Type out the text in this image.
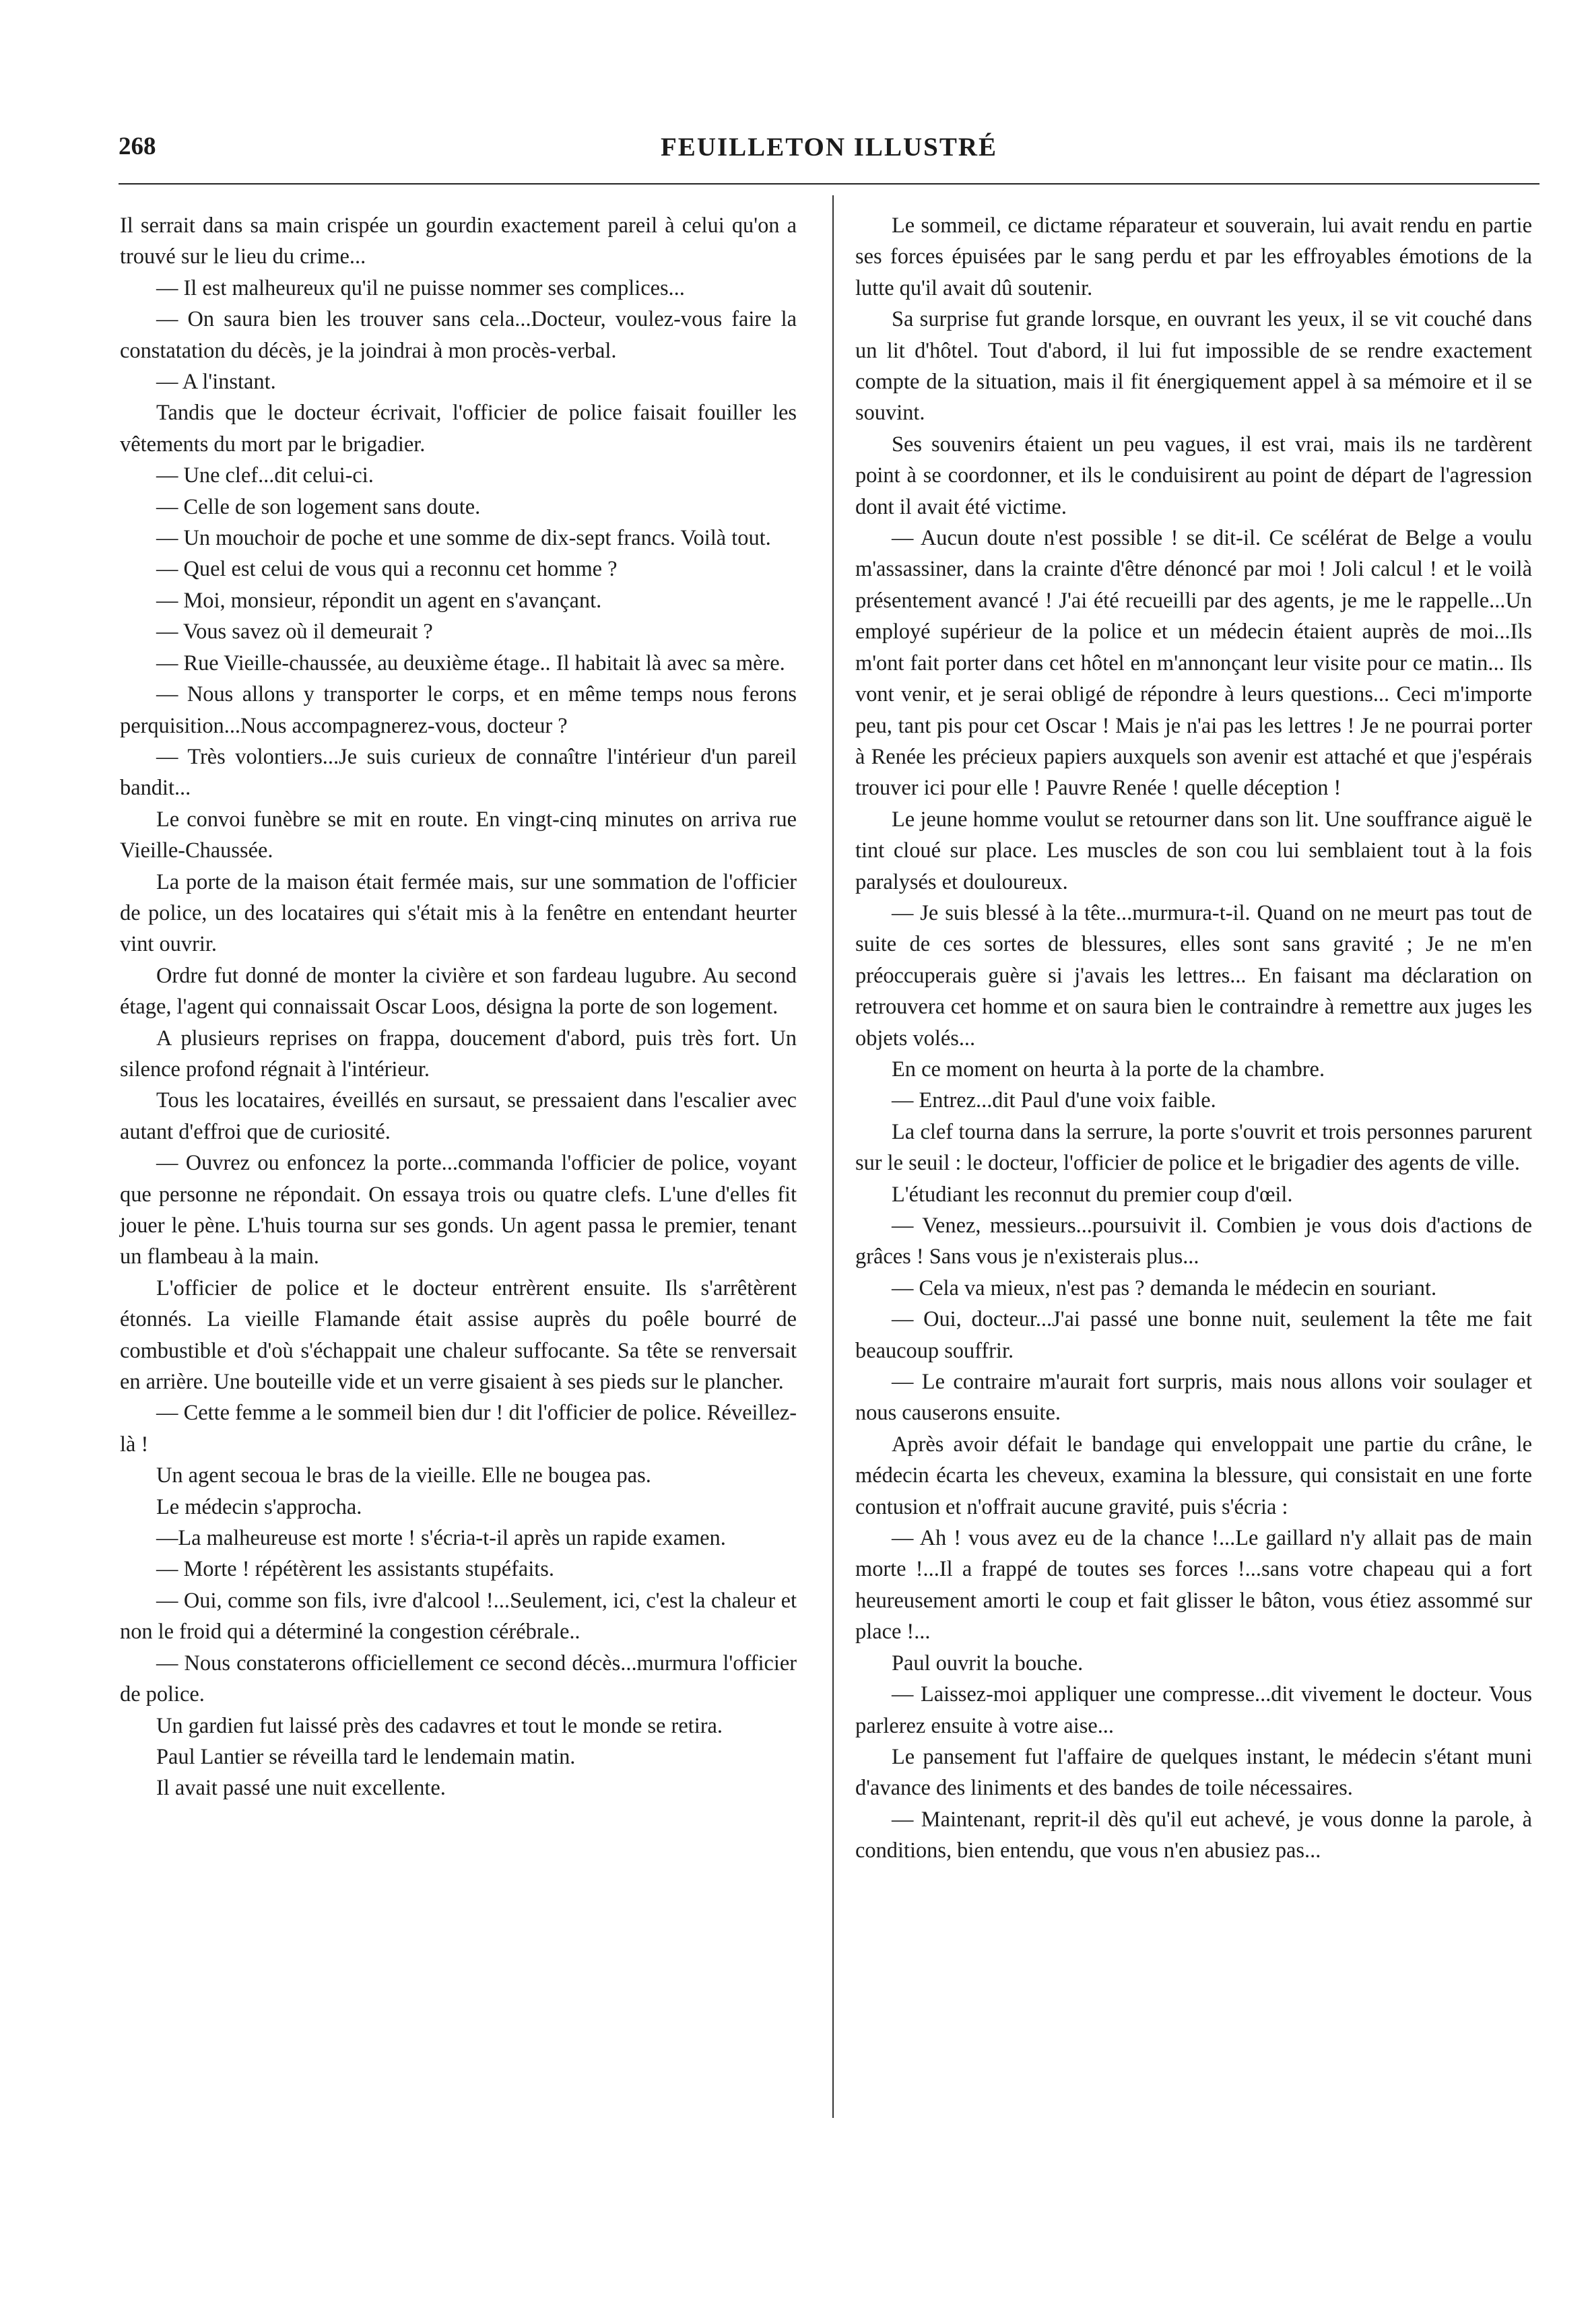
268	FEUILLETON ILLUSTRÉ

Il serrait dans sa main crispée un gourdin exactement pareil à celui qu'on a trouvé sur le lieu du crime...

— Il est malheureux qu'il ne puisse nommer ses complices...

— On saura bien les trouver sans cela...Docteur, voulez-vous faire la constatation du décès, je la joindrai à mon procès-verbal.

— A l'instant.

Tandis que le docteur écrivait, l'officier de police faisait fouiller les vêtements du mort par le brigadier.

— Une clef...dit celui-ci.

— Celle de son logement sans doute.

— Un mouchoir de poche et une somme de dix-sept francs. Voilà tout.

— Quel est celui de vous qui a reconnu cet homme ?

— Moi, monsieur, répondit un agent en s'avançant.

— Vous savez où il demeurait ?

— Rue Vieille-chaussée, au deuxième étage.. Il habitait là avec sa mère.

— Nous allons y transporter le corps, et en même temps nous ferons perquisition...Nous accompagnerez-vous, docteur ?

— Très volontiers...Je suis curieux de connaître l'intérieur d'un pareil bandit...

Le convoi funèbre se mit en route. En vingt-cinq minutes on arriva rue Vieille-Chaussée.

La porte de la maison était fermée mais, sur une sommation de l'officier de police, un des locataires qui s'était mis à la fenêtre en entendant heurter vint ouvrir.

Ordre fut donné de monter la civière et son fardeau lugubre. Au second étage, l'agent qui connaissait Oscar Loos, désigna la porte de son logement.

A plusieurs reprises on frappa, doucement d'abord, puis très fort. Un silence profond régnait à l'intérieur.

Tous les locataires, éveillés en sursaut, se pressaient dans l'escalier avec autant d'effroi que de curiosité.

— Ouvrez ou enfoncez la porte...commanda l'officier de police, voyant que personne ne répondait. On essaya trois ou quatre clefs. L'une d'elles fit jouer le pène. L'huis tourna sur ses gonds. Un agent passa le premier, tenant un flambeau à la main.

L'officier de police et le docteur entrèrent ensuite. Ils s'arrêtèrent étonnés. La vieille Flamande était assise auprès du poêle bourré de combustible et d'où s'échappait une chaleur suffocante. Sa tête se renversait en arrière. Une bouteille vide et un verre gisaient à ses pieds sur le plancher.

— Cette femme a le sommeil bien dur ! dit l'officier de police. Réveillez-là !

Un agent secoua le bras de la vieille. Elle ne bougea pas.

Le médecin s'approcha.

—La malheureuse est morte ! s'écria-t-il après un rapide examen.

— Morte ! répétèrent les assistants stupéfaits.

— Oui, comme son fils, ivre d'alcool !...Seulement, ici, c'est la chaleur et non le froid qui a déterminé la congestion cérébrale..

— Nous constaterons officiellement ce second décès...murmura l'officier de police.

Un gardien fut laissé près des cadavres et tout le monde se retira.

Paul Lantier se réveilla tard le lendemain matin.

Il avait passé une nuit excellente.

Le sommeil, ce dictame réparateur et souverain, lui avait rendu en partie ses forces épuisées par le sang perdu et par les effroyables émotions de la lutte qu'il avait dû soutenir.

Sa surprise fut grande lorsque, en ouvrant les yeux, il se vit couché dans un lit d'hôtel. Tout d'abord, il lui fut impossible de se rendre exactement compte de la situation, mais il fit énergiquement appel à sa mémoire et il se souvint.

Ses souvenirs étaient un peu vagues, il est vrai, mais ils ne tardèrent point à se coordonner, et ils le conduisirent au point de départ de l'agression dont il avait été victime.

— Aucun doute n'est possible ! se dit-il. Ce scélérat de Belge a voulu m'assassiner, dans la crainte d'être dénoncé par moi ! Joli calcul ! et le voilà présentement avancé ! J'ai été recueilli par des agents, je me le rappelle...Un employé supérieur de la police et un médecin étaient auprès de moi...Ils m'ont fait porter dans cet hôtel en m'annonçant leur visite pour ce matin... Ils vont venir, et je serai obligé de répondre à leurs questions... Ceci m'importe peu, tant pis pour cet Oscar ! Mais je n'ai pas les lettres ! Je ne pourrai porter à Renée les précieux papiers auxquels son avenir est attaché et que j'espérais trouver ici pour elle ! Pauvre Renée ! quelle déception !

Le jeune homme voulut se retourner dans son lit. Une souffrance aiguë le tint cloué sur place. Les muscles de son cou lui semblaient tout à la fois paralysés et douloureux.

— Je suis blessé à la tête...murmura-t-il. Quand on ne meurt pas tout de suite de ces sortes de blessures, elles sont sans gravité ; Je ne m'en préoccuperais guère si j'avais les lettres... En faisant ma déclaration on retrouvera cet homme et on saura bien le contraindre à remettre aux juges les objets volés...

En ce moment on heurta à la porte de la chambre.

— Entrez...dit Paul d'une voix faible.

La clef tourna dans la serrure, la porte s'ouvrit et trois personnes parurent sur le seuil : le docteur, l'officier de police et le brigadier des agents de ville.

L'étudiant les reconnut du premier coup d'œil.

— Venez, messieurs...poursuivit il. Combien je vous dois d'actions de grâces ! Sans vous je n'existerais plus...

— Cela va mieux, n'est pas ? demanda le médecin en souriant.

— Oui, docteur...J'ai passé une bonne nuit, seulement la tête me fait beaucoup souffrir.

— Le contraire m'aurait fort surpris, mais nous allons voir soulager et nous causerons ensuite.

Après avoir défait le bandage qui enveloppait une partie du crâne, le médecin écarta les cheveux, examina la blessure, qui consistait en une forte contusion et n'offrait aucune gravité, puis s'écria :

— Ah ! vous avez eu de la chance !...Le gaillard n'y allait pas de main morte !...Il a frappé de toutes ses forces !...sans votre chapeau qui a fort heureusement amorti le coup et fait glisser le bâton, vous étiez assommé sur place !...

Paul ouvrit la bouche.

— Laissez-moi appliquer une compresse...dit vivement le docteur. Vous parlerez ensuite à votre aise...

Le pansement fut l'affaire de quelques instant, le médecin s'étant muni d'avance des liniments et des bandes de toile nécessaires.

— Maintenant, reprit-il dès qu'il eut achevé, je vous donne la parole, à conditions, bien entendu, que vous n'en abusiez pas...
